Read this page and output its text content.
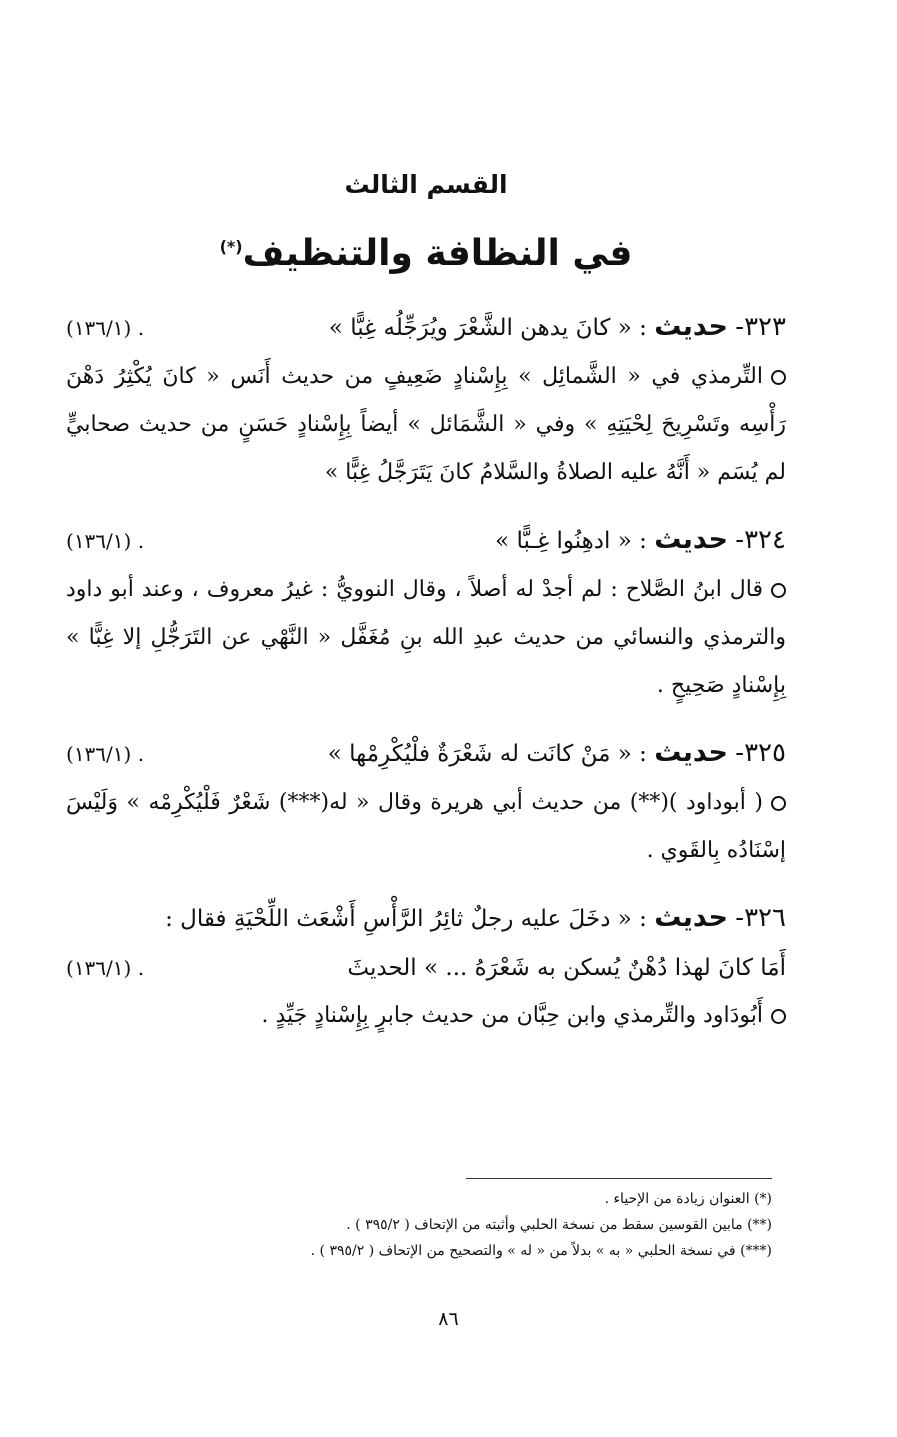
القسم الثالث
في النظافة والتنظيف(*)
٣٢٣- حديث : « كانَ يدهن الشَّعْرَ ويُرَجِّلُه غِبًّا »
(١٣٦/١) .
التِّرمذي في « الشَّمائِل » بِإِسْنادٍ ضَعِيفٍ من حديث أَنَس « كانَ يُكْثِرُ دَهْنَ رَأْسِه وتَسْرِيحَ لِحْيَتِهِ » وفي « الشَّمَائل » أيضاً بِإِسْنادٍ حَسَنٍ من حديث صحابيٍّ لم يُسَم « أَنَّهُ عليه الصلاةُ والسَّلامُ كانَ يَتَرَجَّلُ غِبًّا »
٣٢٤- حديث : « ادهِنُوا غِـبًّا »
(١٣٦/١) .
قال ابنُ الصَّلاح : لم أجدْ له أصلاً ، وقال النوويُّ : غيرُ معروف ، وعند أبو داود والترمذي والنسائي من حديث عبدِ الله بنِ مُغَفَّل « النَّهْي عن التَرَجُّلِ إلا غِبًّا » بِإِسْنادٍ صَحِيحٍ .
٣٢٥- حديث : « مَنْ كانَت له شَعْرَةٌ فلْيُكْرِمْها »
(١٣٦/١) .
( أبوداود )(**) من حديث أبي هريرة وقال « له(***) شَعْرٌ فَلْيُكْرِمْه » وَلَيْسَ إسْنَادُه بِالقَوي .
٣٢٦- حديث : « دخَلَ عليه رجلٌ ثائِرُ الرَّأْسِ أَشْعَث اللِّحْيَةِ فقال :
أَمَا كانَ لهذا دُهْنٌ يُسكن به شَعْرَهُ ... » الحديثَ
(١٣٦/١) .
أَبُودَاود والتِّرمذي وابن حِبَّان من حديث جابرٍ بِإِسْنادٍ جَيِّدٍ .

(*) العنوان زيادة من الإحياء .

(**) مابين القوسين سقط من نسخة الحلبي وأثبته من الإتحاف ( ٣٩٥/٢ ) .

(***) في نسخة الحلبي « به » بدلاً من « له » والتصحيح من الإتحاف ( ٣٩٥/٢ ) .

٨٦
